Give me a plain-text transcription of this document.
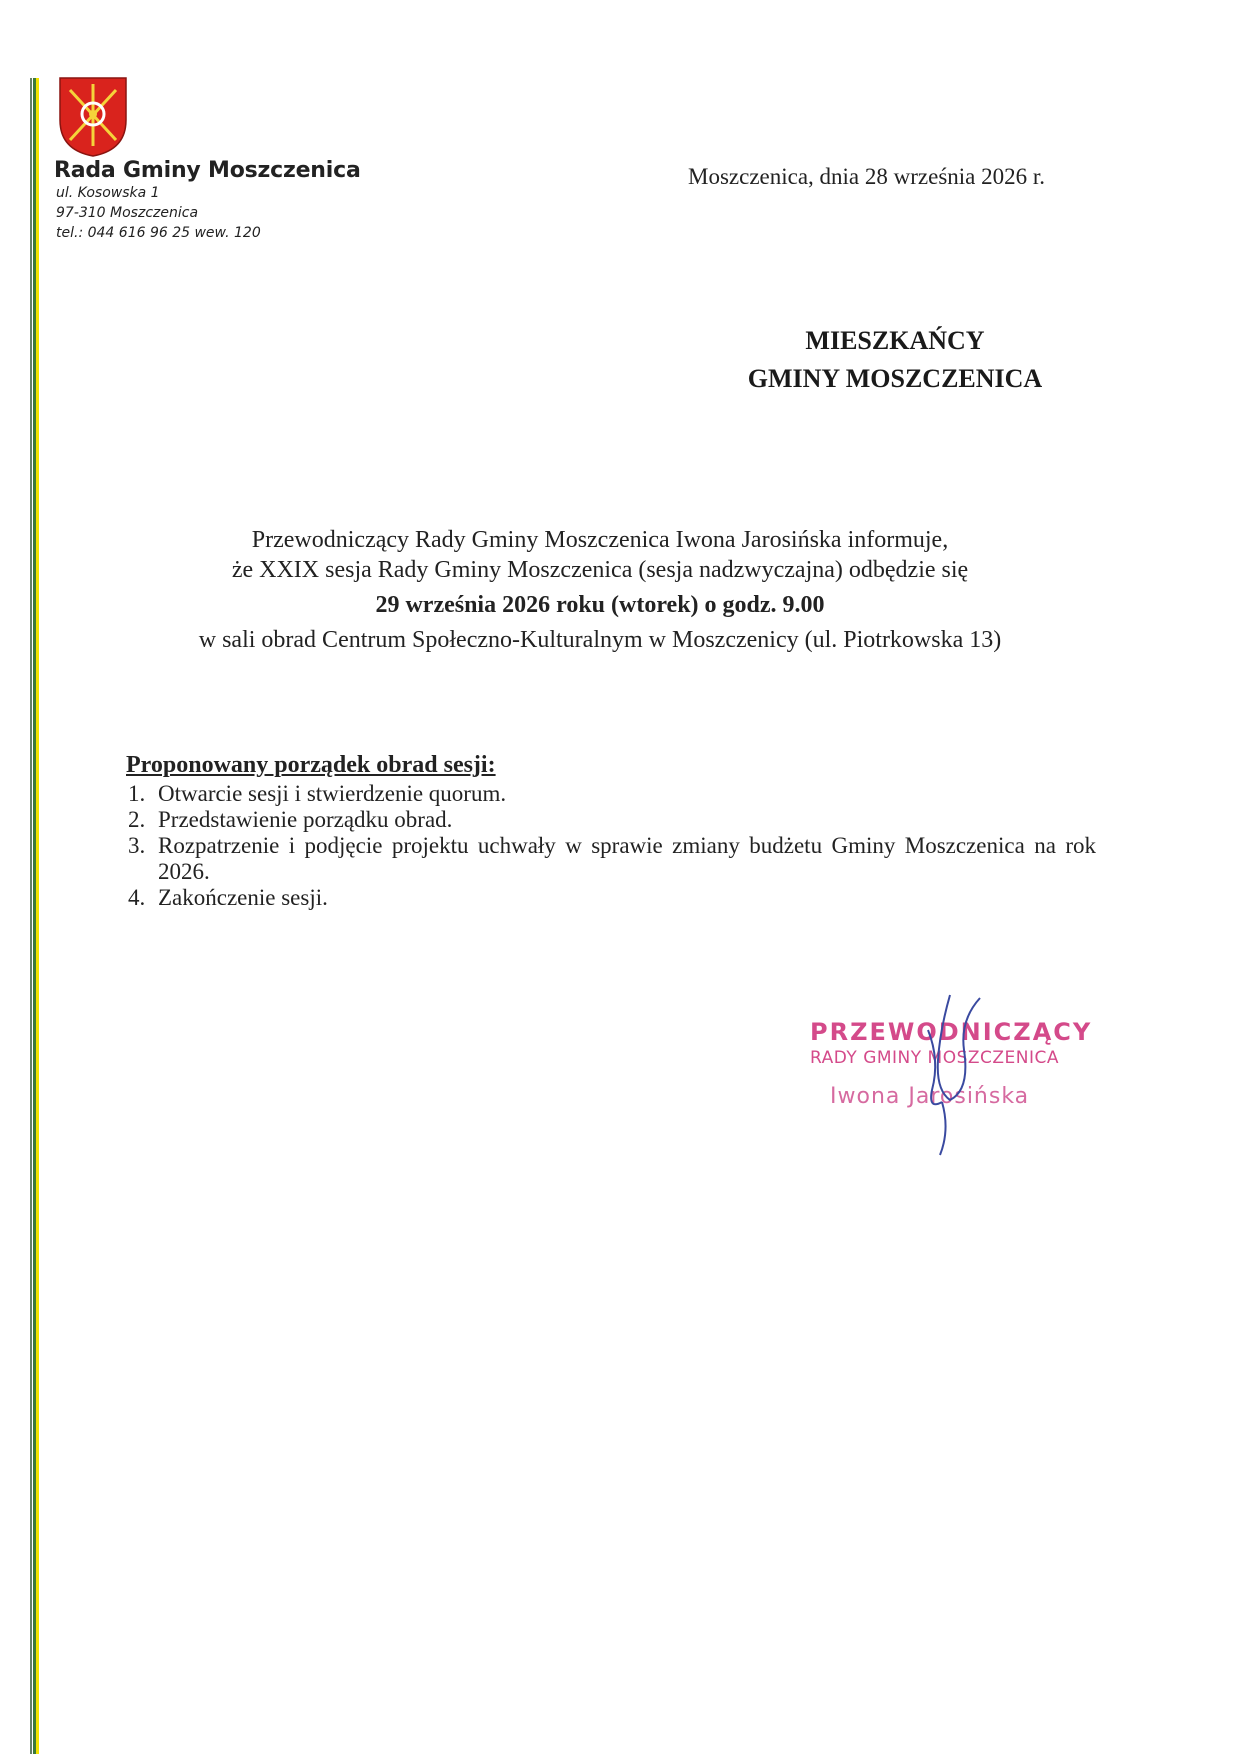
Rada Gminy Moszczenica
ul. Kosowska 1
97-310 Moszczenica
tel.: 044 616 96 25 wew. 120
Moszczenica, dnia 28 września 2026 r.
MIESZKAŃCY
GMINY MOSZCZENICA
Przewodniczący Rady Gminy Moszczenica Iwona Jarosińska informuje,
że XXIX sesja Rady Gminy Moszczenica (sesja nadzwyczajna) odbędzie się
29 września 2026 roku (wtorek) o godz. 9.00
w sali obrad Centrum Społeczno-Kulturalnym w Moszczenicy (ul. Piotrkowska 13)
Proponowany porządek obrad sesji:
1. Otwarcie sesji i stwierdzenie quorum.
2. Przedstawienie porządku obrad.
3. Rozpatrzenie i podjęcie projektu uchwały w sprawie zmiany budżetu Gminy Moszczenica na rok 2026.
4. Zakończenie sesji.
PRZEWODNICZĄCY
RADY GMINY MOSZCZENICA
Iwona Jarosińska
